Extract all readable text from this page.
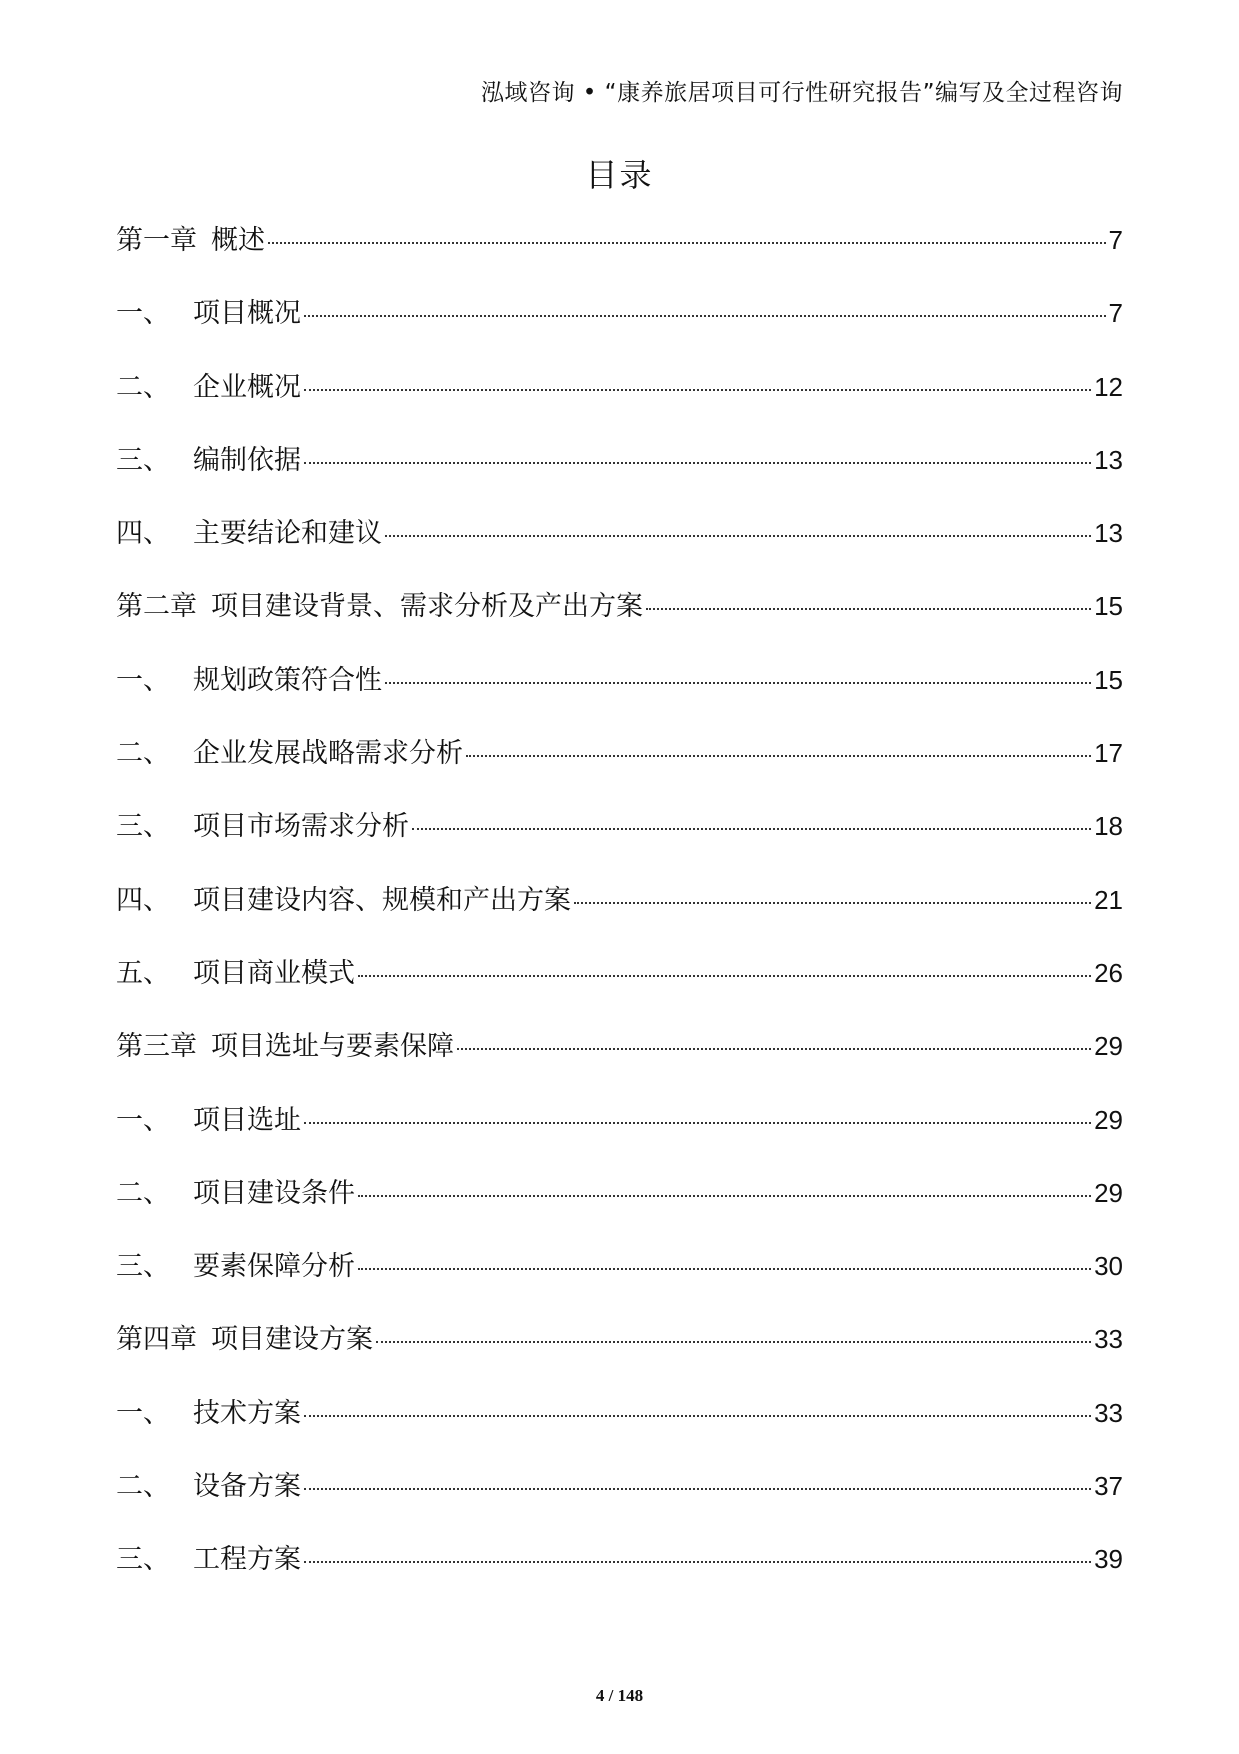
泓域咨询 • “康养旅居项目可行性研究报告”编写及全过程咨询
目录
第一章 概述	7
一、 项目概况	7
二、 企业概况	12
三、 编制依据	13
四、 主要结论和建议	13
第二章 项目建设背景、需求分析及产出方案	15
一、 规划政策符合性	15
二、 企业发展战略需求分析	17
三、 项目市场需求分析	18
四、 项目建设内容、规模和产出方案	21
五、 项目商业模式	26
第三章 项目选址与要素保障	29
一、 项目选址	29
二、 项目建设条件	29
三、 要素保障分析	30
第四章 项目建设方案	33
一、 技术方案	33
二、 设备方案	37
三、 工程方案	39
4 / 148
